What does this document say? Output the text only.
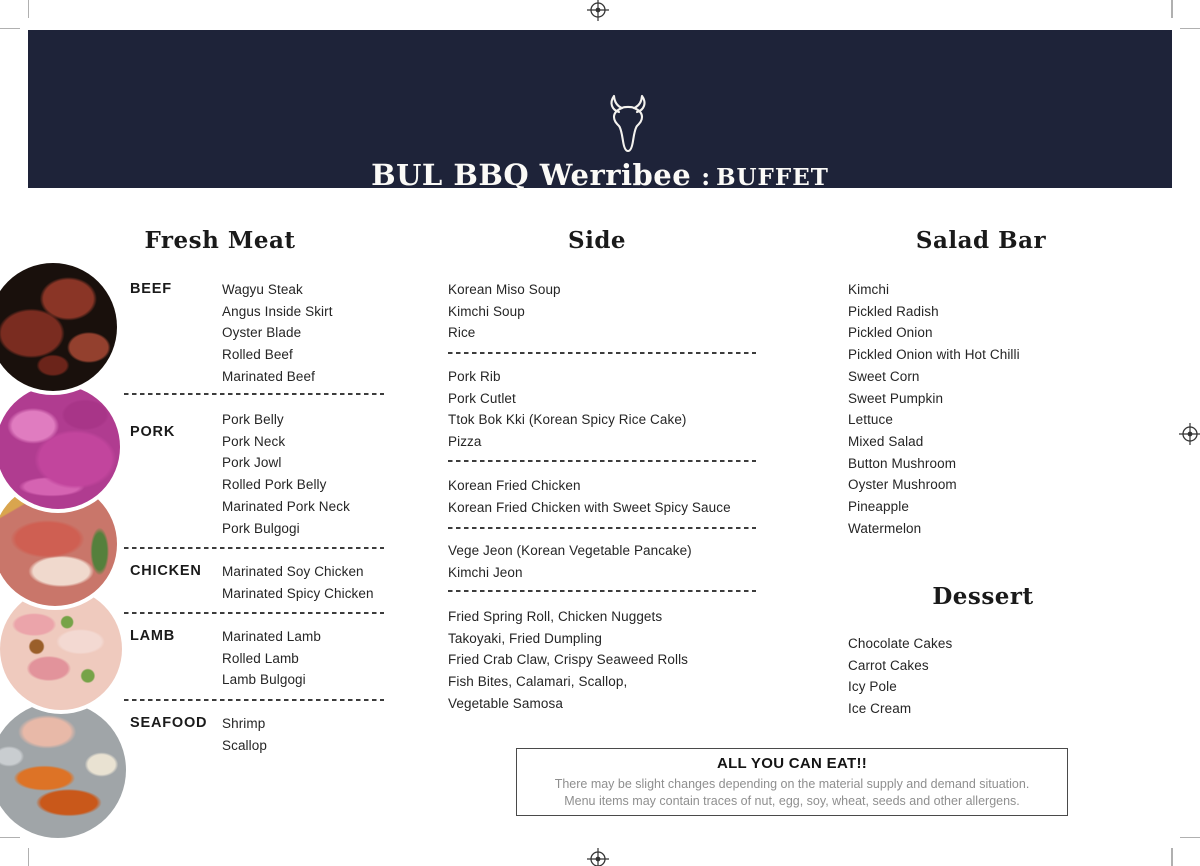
BUL BBQ Werribee : BUFFET
Fresh Meat
BEEF	Wagyu Steak
Angus Inside Skirt
Oyster Blade
Rolled Beef
Marinated Beef
PORK
Pork Belly
Pork Neck
Pork Jowl
Rolled Pork Belly
Marinated Pork Neck
Pork Bulgogi
CHICKEN Marinated Soy Chicken
Marinated Spicy Chicken
LAMB	Marinated Lamb
Rolled Lamb
Lamb Bulgogi
SEAFOOD Shrimp
Scallop
Side
Korean Miso Soup
Kimchi Soup
Rice
Pork Rib
Pork Cutlet
Ttok Bok Kki (Korean Spicy Rice Cake)
Pizza
Korean Fried Chicken
Korean Fried Chicken with Sweet Spicy Sauce
Vege Jeon (Korean Vegetable Pancake)
Kimchi Jeon
Fried Spring Roll, Chicken Nuggets
Takoyaki, Fried Dumpling
Fried Crab Claw, Crispy Seaweed Rolls
Fish Bites, Calamari, Scallop,
Vegetable Samosa
Salad Bar
Kimchi
Pickled Radish
Pickled Onion
Pickled Onion with Hot Chilli
Sweet Corn
Sweet Pumpkin
Lettuce
Mixed Salad
Button Mushroom
Oyster Mushroom
Pineapple
Watermelon
Dessert
Chocolate Cakes
Carrot Cakes
Icy Pole
Ice Cream
ALL YOU CAN EAT!!
There may be slight changes depending on the material supply and demand situation.
Menu items may contain traces of nut, egg, soy, wheat, seeds and other allergens.
